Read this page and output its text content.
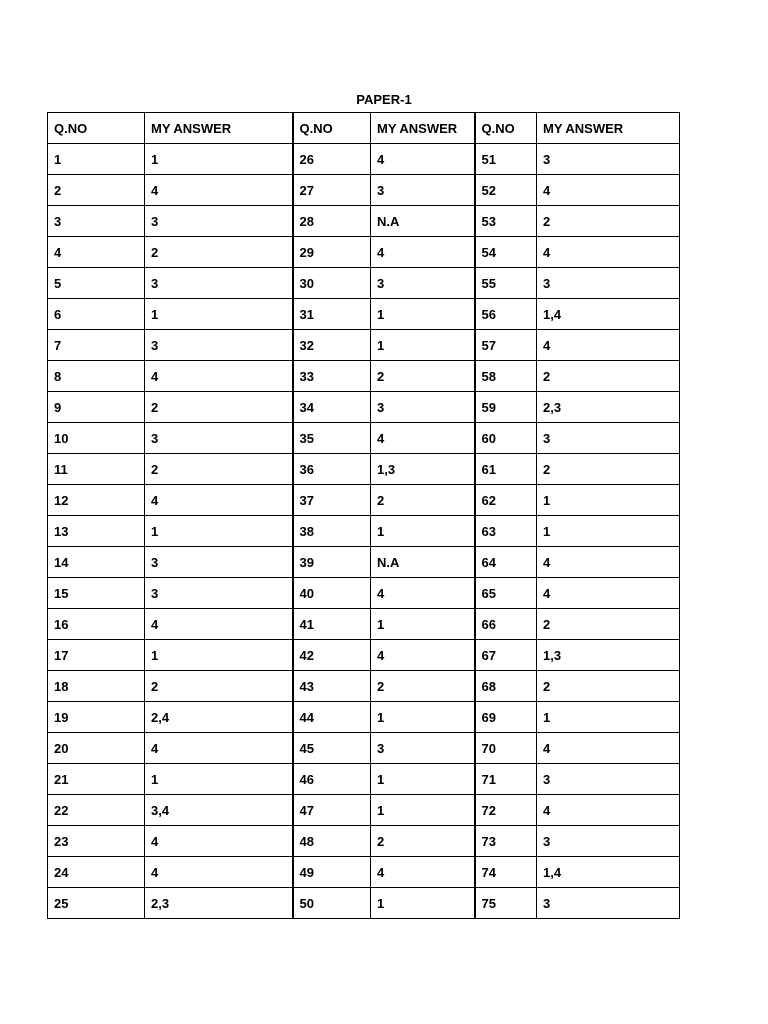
PAPER-1
Q.NO	MY ANSWER	Q.NO	MY ANSWER	Q.NO	MY ANSWER
1	1	26	4	51	3
2	4	27	3	52	4
3	3	28	N.A	53	2
4	2	29	4	54	4
5	3	30	3	55	3
6	1	31	1	56	1,4
7	3	32	1	57	4
8	4	33	2	58	2
9	2	34	3	59	2,3
10	3	35	4	60	3
11	2	36	1,3	61	2
12	4	37	2	62	1
13	1	38	1	63	1
14	3	39	N.A	64	4
15	3	40	4	65	4
16	4	41	1	66	2
17	1	42	4	67	1,3
18	2	43	2	68	2
19	2,4	44	1	69	1
20	4	45	3	70	4
21	1	46	1	71	3
22	3,4	47	1	72	4
23	4	48	2	73	3
24	4	49	4	74	1,4
25	2,3	50	1	75	3
